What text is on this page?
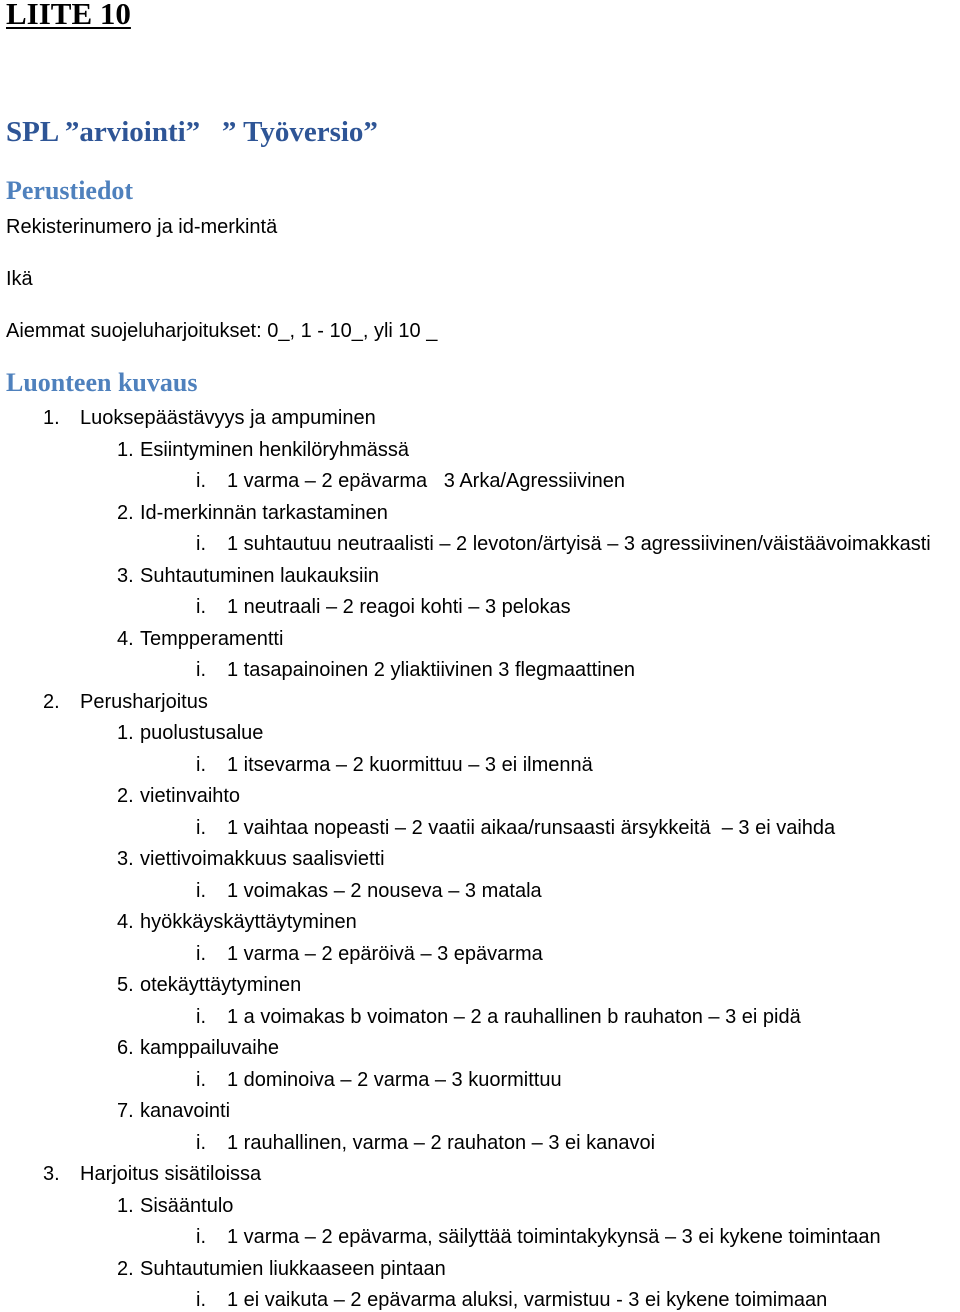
LIITE 10
SPL ”arviointi”   ” Työversio”
Perustiedot

Rekisterinumero ja id-merkintä

Ikä

Aiemmat suojeluharjoitukset: 0_, 1 - 10_, yli 10 _

Luonteen kuvaus
1. Luoksepäästävyys ja ampuminen
1. Esiintyminen henkilöryhmässä
i. 1 varma – 2 epävarma   3 Arka/Agressiivinen
2. Id-merkinnän tarkastaminen
i. 1 suhtautuu neutraalisti – 2 levoton/ärtyisä – 3 agressiivinen/väistäävoimakkasti
3. Suhtautuminen laukauksiin
i. 1 neutraali – 2 reagoi kohti – 3 pelokas
4. Tempperamentti
i. 1 tasapainoinen 2 yliaktiivinen 3 flegmaattinen
2. Perusharjoitus
1. puolustusalue
i. 1 itsevarma – 2 kuormittuu – 3 ei ilmennä
2. vietinvaihto
i. 1 vaihtaa nopeasti – 2 vaatii aikaa/runsaasti ärsykkeitä  – 3 ei vaihda
3. viettivoimakkuus saalisvietti
i. 1 voimakas – 2 nouseva – 3 matala
4. hyökkäyskäyttäytyminen
i. 1 varma – 2 epäröivä – 3 epävarma
5. otekäyttäytyminen
i. 1 a voimakas b voimaton – 2 a rauhallinen b rauhaton – 3 ei pidä
6. kamppailuvaihe
i. 1 dominoiva – 2 varma – 3 kuormittuu
7. kanavointi
i. 1 rauhallinen, varma – 2 rauhaton – 3 ei kanavoi
3. Harjoitus sisätiloissa
1. Sisääntulo
i. 1 varma – 2 epävarma, säilyttää toimintakykynsä – 3 ei kykene toimintaan
2. Suhtautumien liukkaaseen pintaan
i. 1 ei vaikuta – 2 epävarma aluksi, varmistuu - 3 ei kykene toimimaan
